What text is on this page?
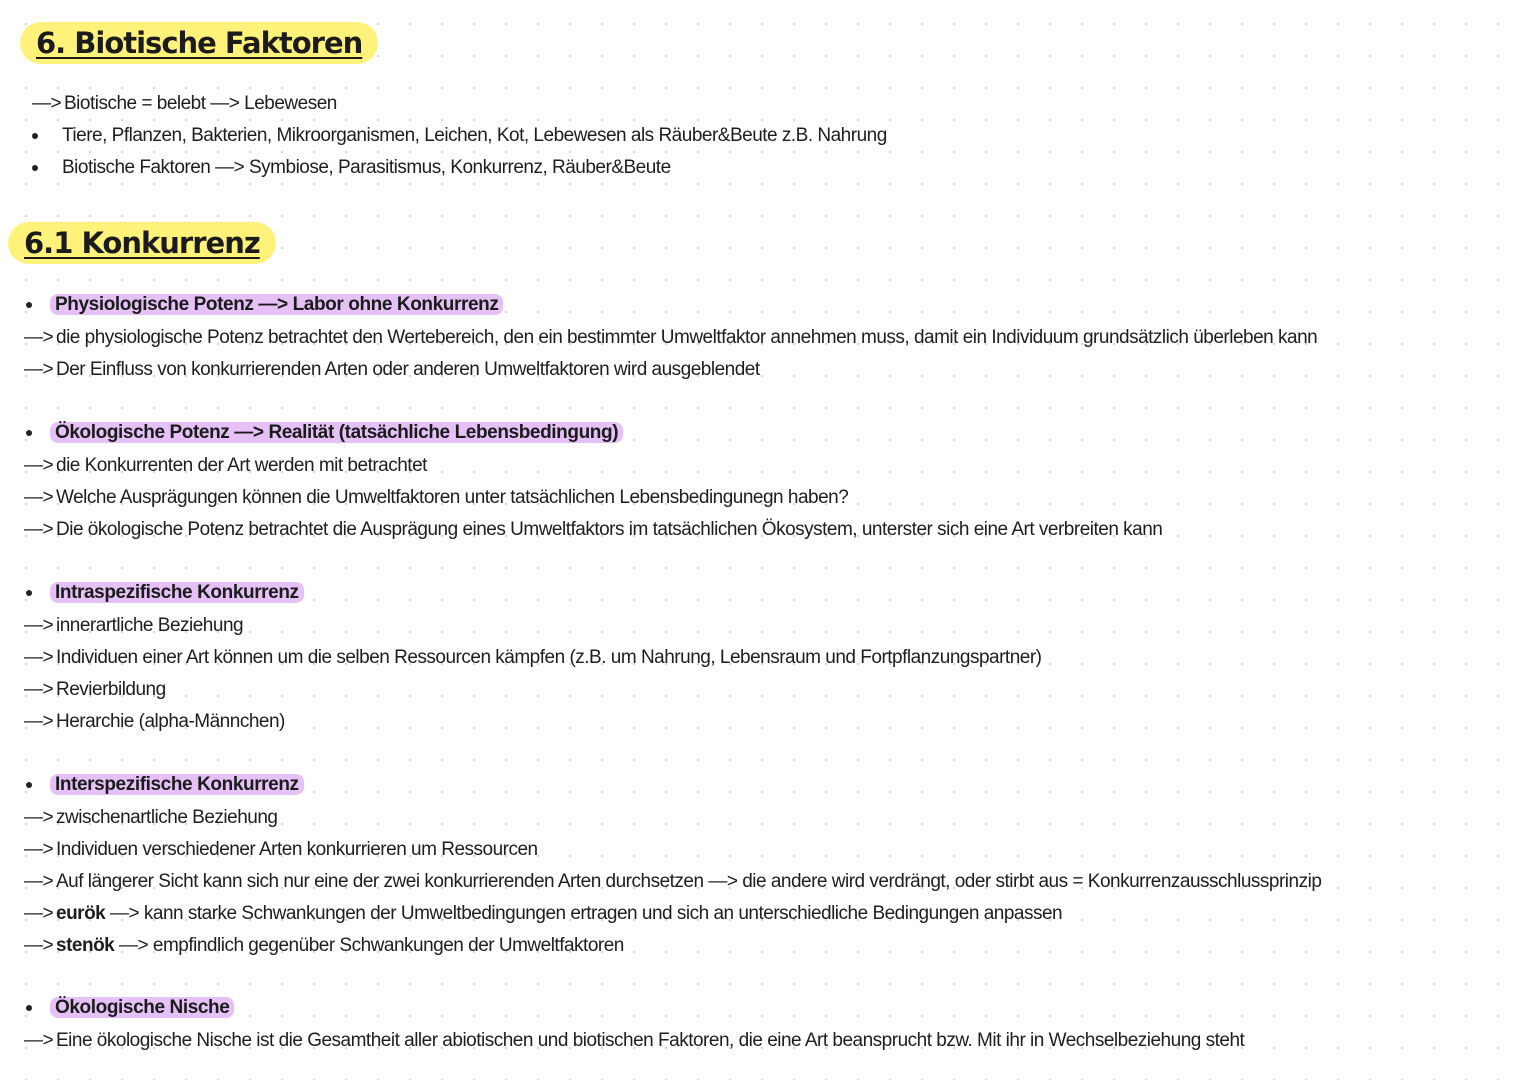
6. Biotische Faktoren
—> Biotische = belebt —> Lebewesen
Tiere, Pflanzen, Bakterien, Mikroorganismen, Leichen, Kot, Lebewesen als Räuber&Beute z.B. Nahrung
Biotische Faktoren —> Symbiose, Parasitismus, Konkurrenz, Räuber&Beute
6.1 Konkurrenz
Physiologische Potenz —> Labor ohne Konkurrenz
—> die physiologische Potenz betrachtet den Wertebereich, den ein bestimmter Umweltfaktor annehmen muss, damit ein Individuum grundsätzlich überleben kann
—> Der Einfluss von konkurrierenden Arten oder anderen Umweltfaktoren wird ausgeblendet
Ökologische Potenz —> Realität (tatsächliche Lebensbedingung)
—> die Konkurrenten der Art werden mit betrachtet
—> Welche Ausprägungen können die Umweltfaktoren unter tatsächlichen Lebensbedingunegn haben?
—> Die ökologische Potenz betrachtet die Ausprägung eines Umweltfaktors im tatsächlichen Ökosystem, unterster sich eine Art verbreiten kann
Intraspezifische Konkurrenz
—> innerartliche Beziehung
—> Individuen einer Art können um die selben Ressourcen kämpfen (z.B. um Nahrung, Lebensraum und Fortpflanzungspartner)
—> Revierbildung
—> Herarchie (alpha-Männchen)
Interspezifische Konkurrenz
—> zwischenartliche Beziehung
—> Individuen verschiedener Arten konkurrieren um Ressourcen
—> Auf längerer Sicht kann sich nur eine der zwei konkurrierenden Arten durchsetzen —> die andere wird verdrängt, oder stirbt aus = Konkurrenzausschlussprinzip
—> eurök —> kann starke Schwankungen der Umweltbedingungen ertragen und sich an unterschiedliche Bedingungen anpassen
—> stenök —> empfindlich gegenüber Schwankungen der Umweltfaktoren
Ökologische Nische
—> Eine ökologische Nische ist die Gesamtheit aller abiotischen und biotischen Faktoren, die eine Art beansprucht bzw. Mit ihr in Wechselbeziehung steht
